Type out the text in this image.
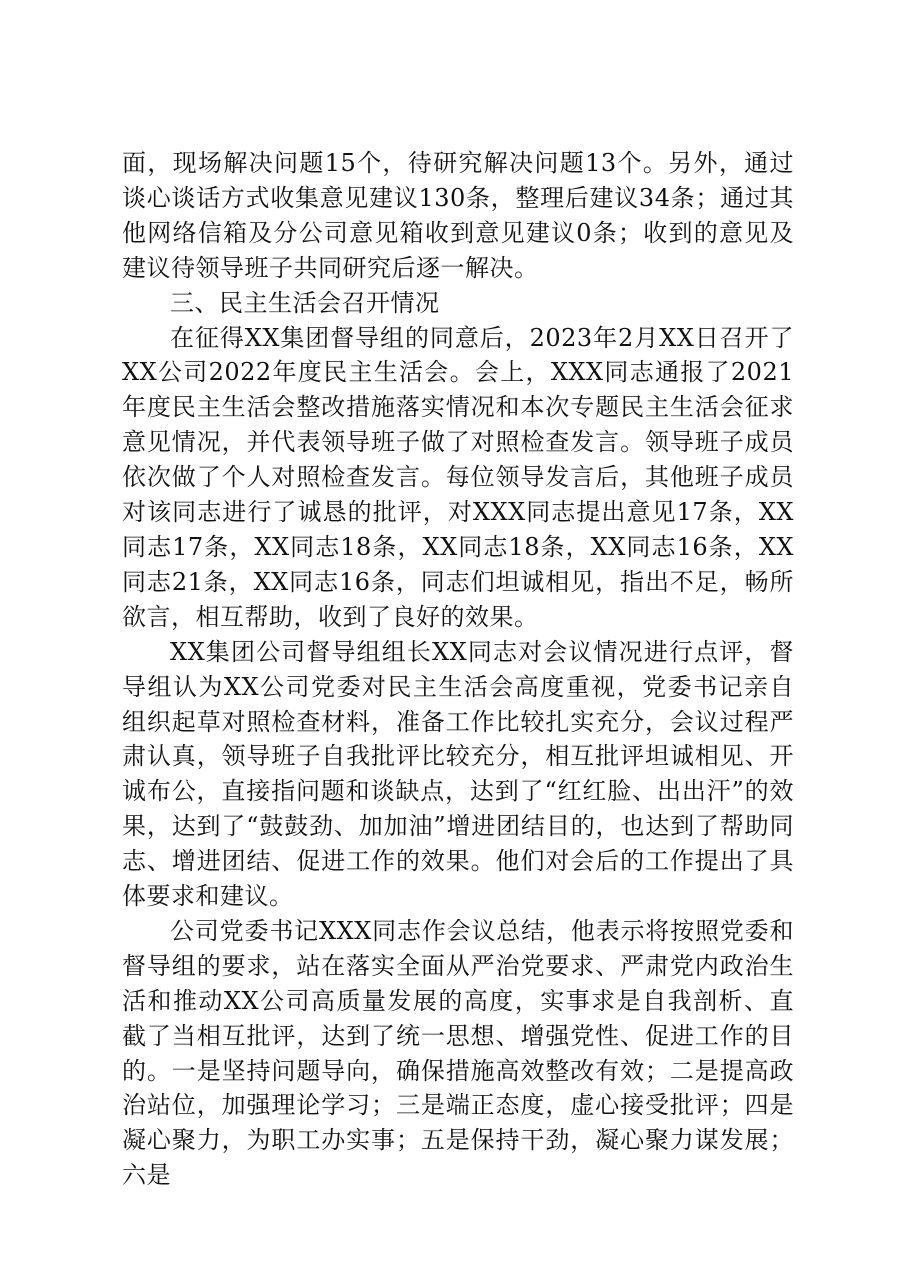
面，现场解决问题15个，待研究解决问题13个。另外，通过谈心谈话方式收集意见建议130条，整理后建议34条；通过其他网络信箱及分公司意见箱收到意见建议0条；收到的意见及建议待领导班子共同研究后逐一解决。

三、民主生活会召开情况

在征得XX集团督导组的同意后，2023年2月XX日召开了XX公司2022年度民主生活会。会上，XXX同志通报了2021年度民主生活会整改措施落实情况和本次专题民主生活会征求意见情况，并代表领导班子做了对照检查发言。领导班子成员依次做了个人对照检查发言。每位领导发言后，其他班子成员对该同志进行了诚恳的批评，对XXX同志提出意见17条，XX同志17条，XX同志18条，XX同志18条，XX同志16条，XX同志21条，XX同志16条，同志们坦诚相见，指出不足，畅所欲言，相互帮助，收到了良好的效果。

XX集团公司督导组组长XX同志对会议情况进行点评，督导组认为XX公司党委对民主生活会高度重视，党委书记亲自组织起草对照检查材料，准备工作比较扎实充分，会议过程严肃认真，领导班子自我批评比较充分，相互批评坦诚相见、开诚布公，直接指问题和谈缺点，达到了“红红脸、出出汗”的效果，达到了“鼓鼓劲、加加油”增进团结目的，也达到了帮助同志、增进团结、促进工作的效果。他们对会后的工作提出了具体要求和建议。

公司党委书记XXX同志作会议总结，他表示将按照党委和督导组的要求，站在落实全面从严治党要求、严肃党内政治生活和推动XX公司高质量发展的高度，实事求是自我剖析、直截了当相互批评，达到了统一思想、增强党性、促进工作的目的。一是坚持问题导向，确保措施高效整改有效；二是提高政治站位，加强理论学习；三是端正态度，虚心接受批评；四是凝心聚力，为职工办实事；五是保持干劲，凝心聚力谋发展；六是
